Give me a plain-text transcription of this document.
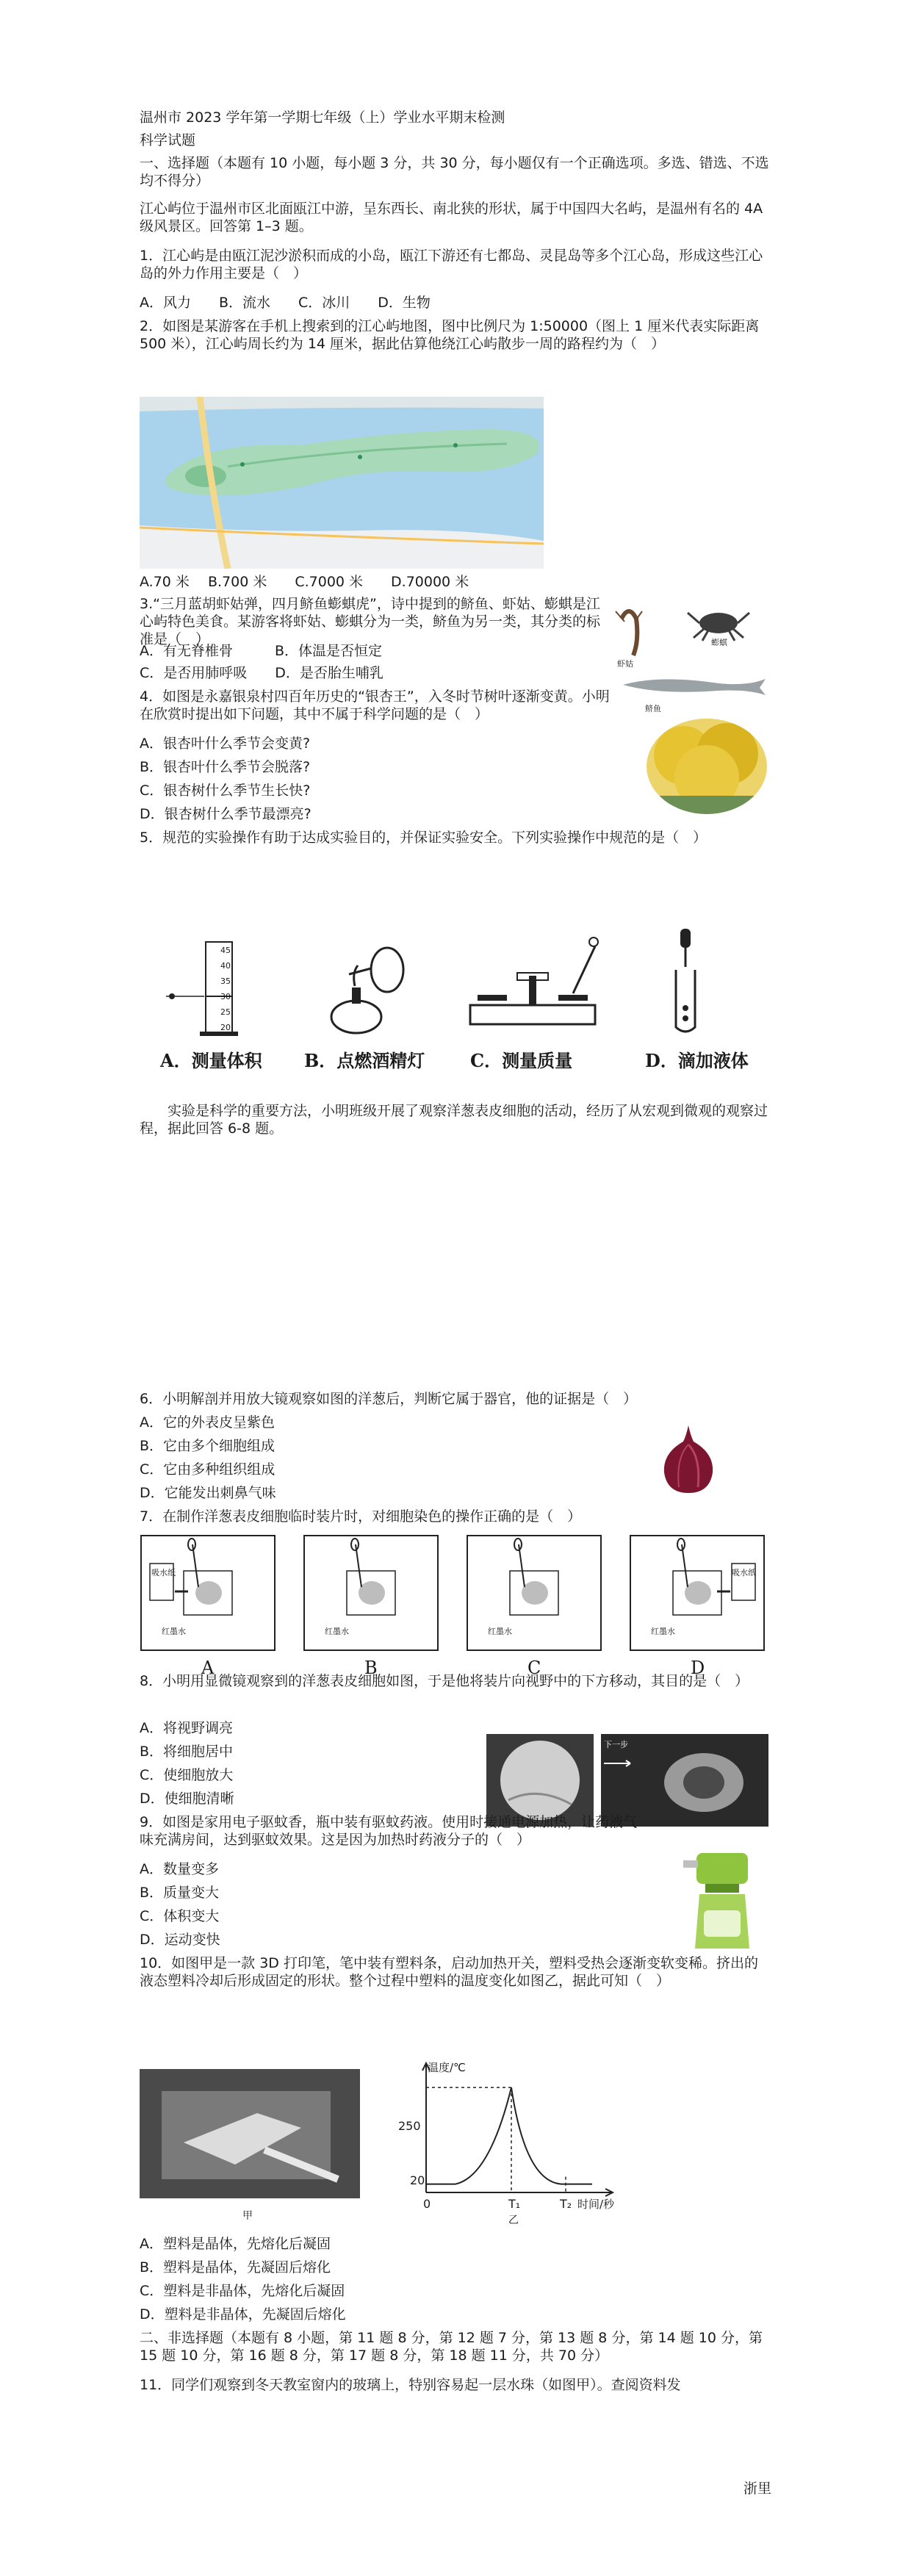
温州市 2023 学年第一学期七年级（上）学业水平期末检测
科学试题
一、选择题（本题有 10 小题，每小题 3 分，共 30 分，每小题仅有一个正确选项。多选、错选、不选均不得分）
江心屿位于温州市区北面瓯江中游，呈东西长、南北狭的形状，属于中国四大名屿，是温州有名的 4A 级风景区。回答第 1–3 题。
1．江心屿是由瓯江泥沙淤积而成的小岛，瓯江下游还有七都岛、灵昆岛等多个江心岛，形成这些江心岛的外力作用主要是（　）
A．风力　　B．流水　　C．冰川　　D．生物
2．如图是某游客在手机上搜索到的江心屿地图，图中比例尺为 1:50000（图上 1 厘米代表实际距离 500 米），江心屿周长约为 14 厘米，据此估算他绕江心屿散步一周的路程约为（　）
A.70 米　 B.700 米　　C.7000 米　　D.70000 米
3.“三月蓝胡虾姑弹，四月鲚鱼蟛蜞虎”，诗中提到的鲚鱼、虾姑、蟛蜞是江心屿特色美食。某游客将虾姑、蟛蜞分为一类，鲚鱼为另一类，其分类的标准是（　）
A．有无脊椎骨　　　B．体温是否恒定
C．是否用肺呼吸　　D．是否胎生哺乳
虾姑
蟛蜞
鲚鱼
4．如图是永嘉银泉村四百年历史的“银杏王”，入冬时节树叶逐渐变黄。小明在欣赏时提出如下问题，其中不属于科学问题的是（　）
A．银杏叶什么季节会变黄?
B．银杏叶什么季节会脱落?
C．银杏树什么季节生长快?
D．银杏树什么季节最漂亮?
5．规范的实验操作有助于达成实验目的，并保证实验安全。下列实验操作中规范的是（　）
45
40
35
30
25
20
A．测量体积 B．点燃酒精灯	C．测量质量	D．滴加液体
实验是科学的重要方法，小明班级开展了观察洋葱表皮细胞的活动，经历了从宏观到微观的观察过程，据此回答 6-8 题。
6．小明解剖并用放大镜观察如图的洋葱后，判断它属于器官，他的证据是（　）
A．它的外表皮呈紫色
B．它由多个细胞组成
C．它由多种组织组成
D．它能发出刺鼻气味
7．在制作洋葱表皮细胞临时装片时，对细胞染色的操作正确的是（　）
吸水纸
红墨水
A
红墨水
B
红墨水
C
吸水纸
红墨水
D
8．小明用显微镜观察到的洋葱表皮细胞如图，于是他将装片向视野中的下方移动，其目的是（　）
A．将视野调亮
B．将细胞居中
C．使细胞放大
D．使细胞清晰
下一步
9．如图是家用电子驱蚊香，瓶中装有驱蚊药液。使用时接通电源加热，让药液气味充满房间，达到驱蚊效果。这是因为加热时药液分子的（　）
A．数量变多
B．质量变大
C．体积变大
D．运动变快
10．如图甲是一款 3D 打印笔，笔中装有塑料条，启动加热开关，塑料受热会逐渐变软变稀。挤出的液态塑料冷却后形成固定的形状。整个过程中塑料的温度变化如图乙，据此可知（　）
甲
温度/℃
250
20
0	T₁	T₂ 时间/秒
乙
A．塑料是晶体，先熔化后凝固
B．塑料是晶体，先凝固后熔化
C．塑料是非晶体，先熔化后凝固
D．塑料是非晶体，先凝固后熔化
二、非选择题（本题有 8 小题，第 11 题 8 分，第 12 题 7 分，第 13 题 8 分，第 14 题 10 分，第 15 题 10 分，第 16 题 8 分，第 17 题 8 分，第 18 题 11 分，共 70 分）
11．同学们观察到冬天教室窗内的玻璃上，特别容易起一层水珠（如图甲）。查阅资料发
浙里
